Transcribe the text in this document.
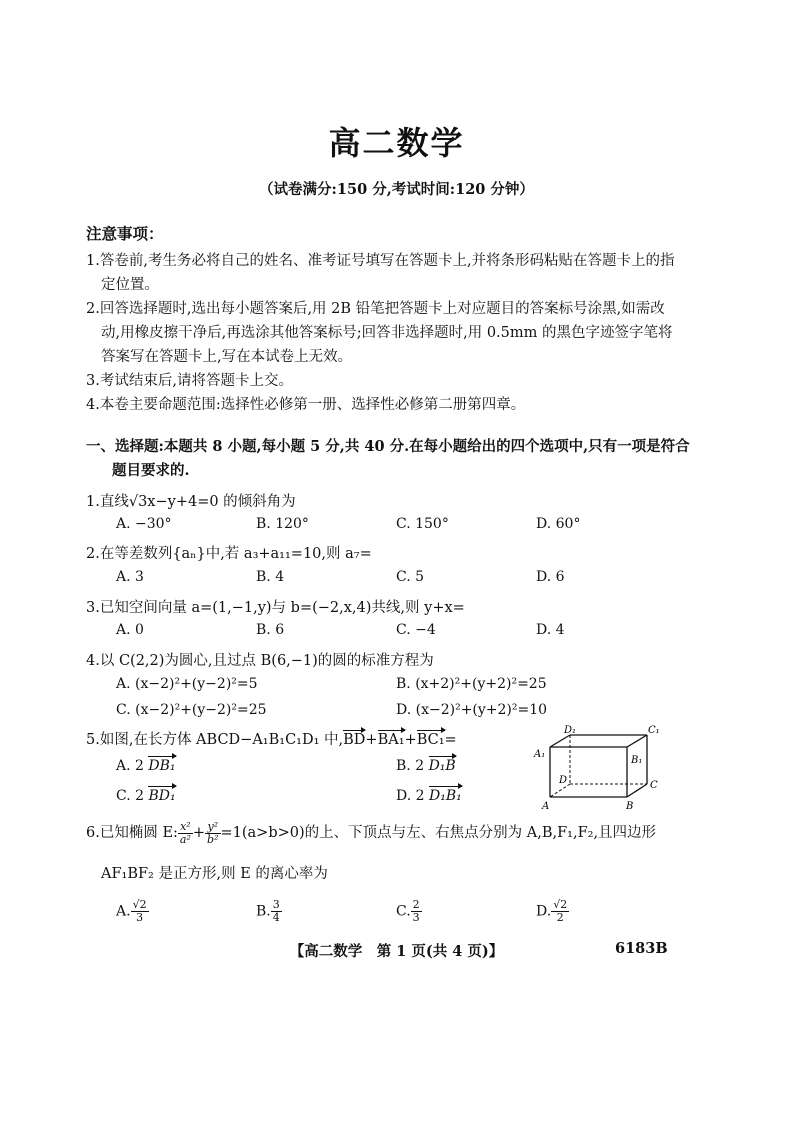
高二数学
（试卷满分:150 分,考试时间:120 分钟）
注意事项：
1.答卷前,考生务必将自己的姓名、准考证号填写在答题卡上,并将条形码粘贴在答题卡上的指
定位置。
2.回答选择题时,选出每小题答案后,用 2B 铅笔把答题卡上对应题目的答案标号涂黑,如需改
动,用橡皮擦干净后,再选涂其他答案标号;回答非选择题时,用 0.5mm 的黑色字迹签字笔将
答案写在答题卡上,写在本试卷上无效。
3.考试结束后,请将答题卡上交。
4.本卷主要命题范围:选择性必修第一册、选择性必修第二册第四章。
一、选择题:本题共 8 小题,每小题 5 分,共 40 分.在每小题给出的四个选项中,只有一项是符合
题目要求的.
1.直线√3x−y+4=0 的倾斜角为
A. −30°	B. 120°	C. 150°	D. 60°
2.在等差数列{aₙ}中,若 a₃+a₁₁=10,则 a₇=
A. 3	B. 4	C. 5	D. 6
3.已知空间向量 a=(1,−1,y)与 b=(−2,x,4)共线,则 y+x=
A. 0	B. 6	C. −4	D. 4
4.以 C(2,2)为圆心,且过点 B(6,−1)的圆的标准方程为
A. (x−2)²+(y−2)²=5	B. (x+2)²+(y+2)²=25
C. (x−2)²+(y−2)²=25	D. (x−2)²+(y+2)²=10
5.如图,在长方体 ABCD−A₁B₁C₁D₁ 中,BD+BA₁+BC₁=
A. 2 DB₁	B. 2 D₁B
C. 2 BD₁	D. 2 D₁B₁
D₁	C₁
A₁
B₁
D	C
A	B
6.已知椭圆 E: $\frac{\text{x²}}{\text{a²}} + \frac{\text{y²}}{\text{b²}} =1(a>b>0)$的上、下顶点与左、右焦点分别为 A,B,F₁,F₂,且四边形
AF₁BF₂ 是正方形,则 E 的离心率为
A. $\frac{√2}{3}$	B. $\frac{3}{4}$	C. $\frac{2}{3}$	D. $\frac{√2}{2}$
【高二数学　第 1 页(共 4 页)】	6183B
